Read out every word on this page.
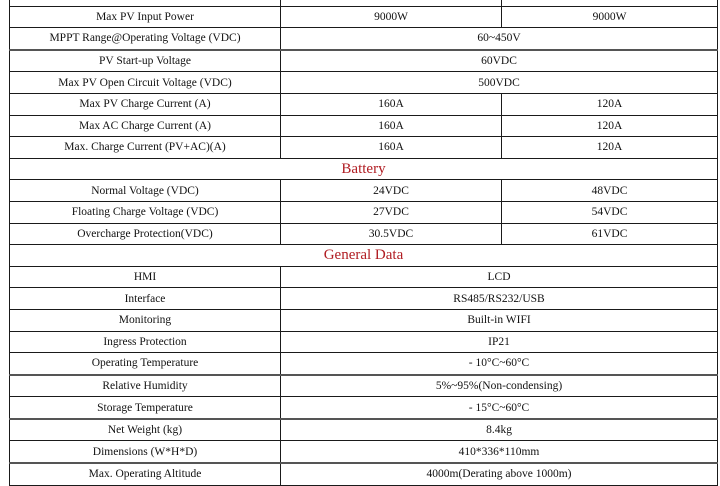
Max PV Input Power	9000W	9000W
MPPT Range@Operating Voltage (VDC)	60~450V	
PV Start-up Voltage	60VDC	
Max PV Open Circuit Voltage (VDC)	500VDC	
Max PV Charge Current (A)	160A	120A
Max AC Charge Current (A)	160A	120A
Max. Charge Current (PV+AC)(A)	160A	120A
Battery		
Normal Voltage (VDC)	24VDC	48VDC
Floating Charge Voltage (VDC)	27VDC	54VDC
Overcharge Protection(VDC)	30.5VDC	61VDC
General Data		
HMI	LCD	
Interface	RS485/RS232/USB	
Monitoring	Built-in WIFI	
Ingress Protection	IP21	
Operating Temperature	- 10°C~60°C	
Relative Humidity	5%~95%(Non-condensing)	
Storage Temperature	- 15°C~60°C	
Net Weight (kg)	8.4kg	
Dimensions (W*H*D)	410*336*110mm	
Max. Operating Altitude	4000m(Derating above 1000m)	
